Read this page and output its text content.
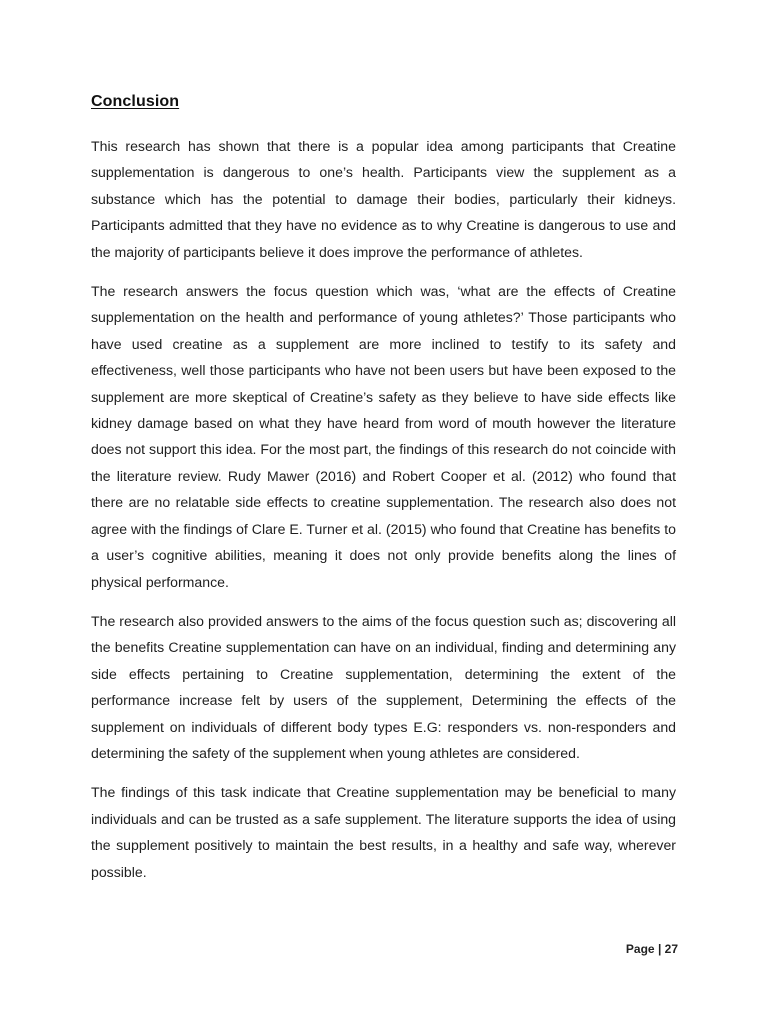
Conclusion

This research has shown that there is a popular idea among participants that Creatine supplementation is dangerous to one’s health. Participants view the supplement as a substance which has the potential to damage their bodies, particularly their kidneys. Participants admitted that they have no evidence as to why Creatine is dangerous to use and the majority of participants believe it does improve the performance of athletes.

The research answers the focus question which was, ‘what are the effects of Creatine supplementation on the health and performance of young athletes?’ Those participants who have used creatine as a supplement are more inclined to testify to its safety and effectiveness, well those participants who have not been users but have been exposed to the supplement are more skeptical of Creatine’s safety as they believe to have side effects like kidney damage based on what they have heard from word of mouth however the literature does not support this idea. For the most part, the findings of this research do not coincide with the literature review. Rudy Mawer (2016) and Robert Cooper et al. (2012) who found that there are no relatable side effects to creatine supplementation. The research also does not agree with the findings of Clare E. Turner et al. (2015) who found that Creatine has benefits to a user’s cognitive abilities, meaning it does not only provide benefits along the lines of physical performance.

The research also provided answers to the aims of the focus question such as; discovering all the benefits Creatine supplementation can have on an individual, finding and determining any side effects pertaining to Creatine supplementation, determining the extent of the performance increase felt by users of the supplement, Determining the effects of the supplement on individuals of different body types E.G: responders vs. non-responders and determining the safety of the supplement when young athletes are considered.

The findings of this task indicate that Creatine supplementation may be beneficial to many individuals and can be trusted as a safe supplement. The literature supports the idea of using the supplement positively to maintain the best results, in a healthy and safe way, wherever possible.

Page | 27
